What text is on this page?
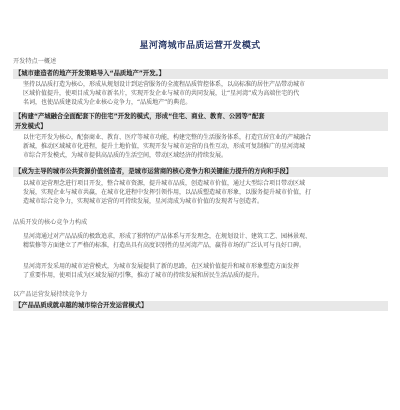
星河湾城市品质运营开发模式
开发特点一概述
【城市建造者的地产开发策略导入“品质地产”开发。】
坚持以品质打造为核心，形成从规划设计到运营服务的全流程品质管控体系，以高标准的居住产品带动城市
区域价值提升，使项目成为城市新名片，实现开发企业与城市的共同发展，让“星河湾”成为高端住宅的代
名词，也使品质建设成为企业核心竞争力，“品质地产”的典范。
【构建“产城融合全面配套下的住宅”开发的模式，形成“住宅、商业、教育、公园等”配套
开发模式】
以住宅开发为核心，配套商业、教育、医疗等城市功能，构建完整的生活服务体系，打造宜居宜业的产城融合
新城，推动区域城市化进程，提升土地价值，实现开发与城市运营的良性互动，形成可复制推广的星河湾城
市综合开发模式，为城市提供高品质的生活空间，带动区域经济的持续发展。
【成为主导的城市公共资源价值创造者，是城市运营商的核心竞争力和关键能力提升的方向和手段】
以城市运营理念进行项目开发，整合城市资源，提升城市品质，创造城市价值，通过大型综合项目带动区域
发展，实现企业与城市共赢，在城市化进程中发挥引领作用，以品质塑造城市形象，以服务提升城市价值，打
造城市综合竞争力，实现城市运营的可持续发展，星河湾成为城市价值的发现者与创造者。
品质开发的核心竞争力构成
星河湾通过对产品品质的极致追求，形成了独特的产品体系与开发理念，在规划设计、建筑工艺、园林景观、
精装修等方面建立了严格的标准，打造出具有高度识别性的星河湾产品，赢得市场的广泛认可与良好口碑。
星河湾开发采用的城市运营模式，为城市发展提供了新的思路，在区域价值提升和城市形象塑造方面发挥
了重要作用，使项目成为区域发展的引擎，推动了城市的持续发展和居民生活品质的提升。
以产品运营发展持续竞争力
【产品品质成就卓越的城市综合开发运营模式】
